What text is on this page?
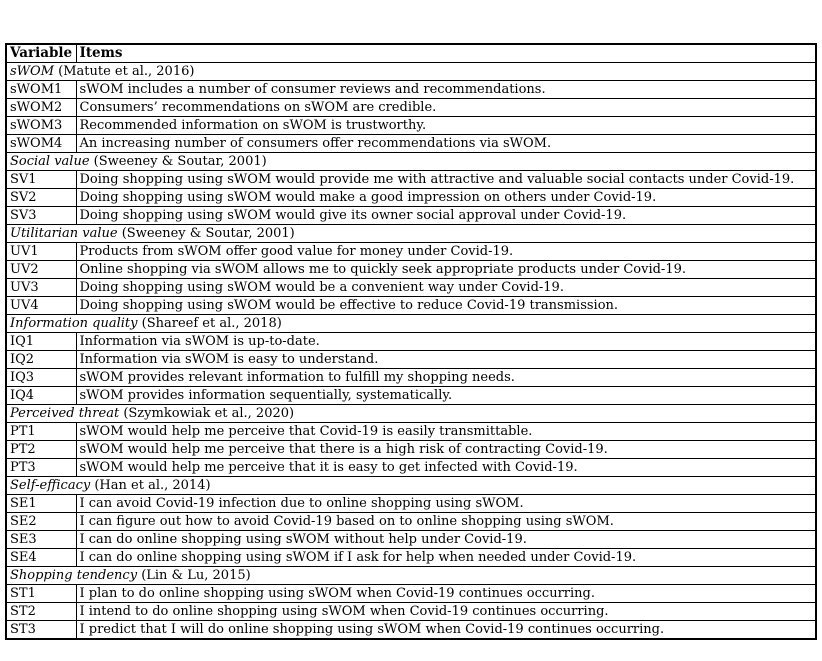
Variable	Items
sWOM (Matute et al., 2016)	
sWOM1	sWOM includes a number of consumer reviews and recommendations.
sWOM2	Consumers’ recommendations on sWOM are credible.
sWOM3	Recommended information on sWOM is trustworthy.
sWOM4	An increasing number of consumers offer recommendations via sWOM.
Social value (Sweeney & Soutar, 2001)	
SV1	Doing shopping using sWOM would provide me with attractive and valuable social contacts under Covid-19.
SV2	Doing shopping using sWOM would make a good impression on others under Covid-19.
SV3	Doing shopping using sWOM would give its owner social approval under Covid-19.
Utilitarian value (Sweeney & Soutar, 2001)	
UV1	Products from sWOM offer good value for money under Covid-19.
UV2	Online shopping via sWOM allows me to quickly seek appropriate products under Covid-19.
UV3	Doing shopping using sWOM would be a convenient way under Covid-19.
UV4	Doing shopping using sWOM would be effective to reduce Covid-19 transmission.
Information quality (Shareef et al., 2018)	
IQ1	Information via sWOM is up-to-date.
IQ2	Information via sWOM is easy to understand.
IQ3	sWOM provides relevant information to fulfill my shopping needs.
IQ4	sWOM provides information sequentially, systematically.
Perceived threat (Szymkowiak et al., 2020)	
PT1	sWOM would help me perceive that Covid-19 is easily transmittable.
PT2	sWOM would help me perceive that there is a high risk of contracting Covid-19.
PT3	sWOM would help me perceive that it is easy to get infected with Covid-19.
Self-efficacy (Han et al., 2014)	
SE1	I can avoid Covid-19 infection due to online shopping using sWOM.
SE2	I can figure out how to avoid Covid-19 based on to online shopping using sWOM.
SE3	I can do online shopping using sWOM without help under Covid-19.
SE4	I can do online shopping using sWOM if I ask for help when needed under Covid-19.
Shopping tendency (Lin & Lu, 2015)	
ST1	I plan to do online shopping using sWOM when Covid-19 continues occurring.
ST2	I intend to do online shopping using sWOM when Covid-19 continues occurring.
ST3	I predict that I will do online shopping using sWOM when Covid-19 continues occurring.
